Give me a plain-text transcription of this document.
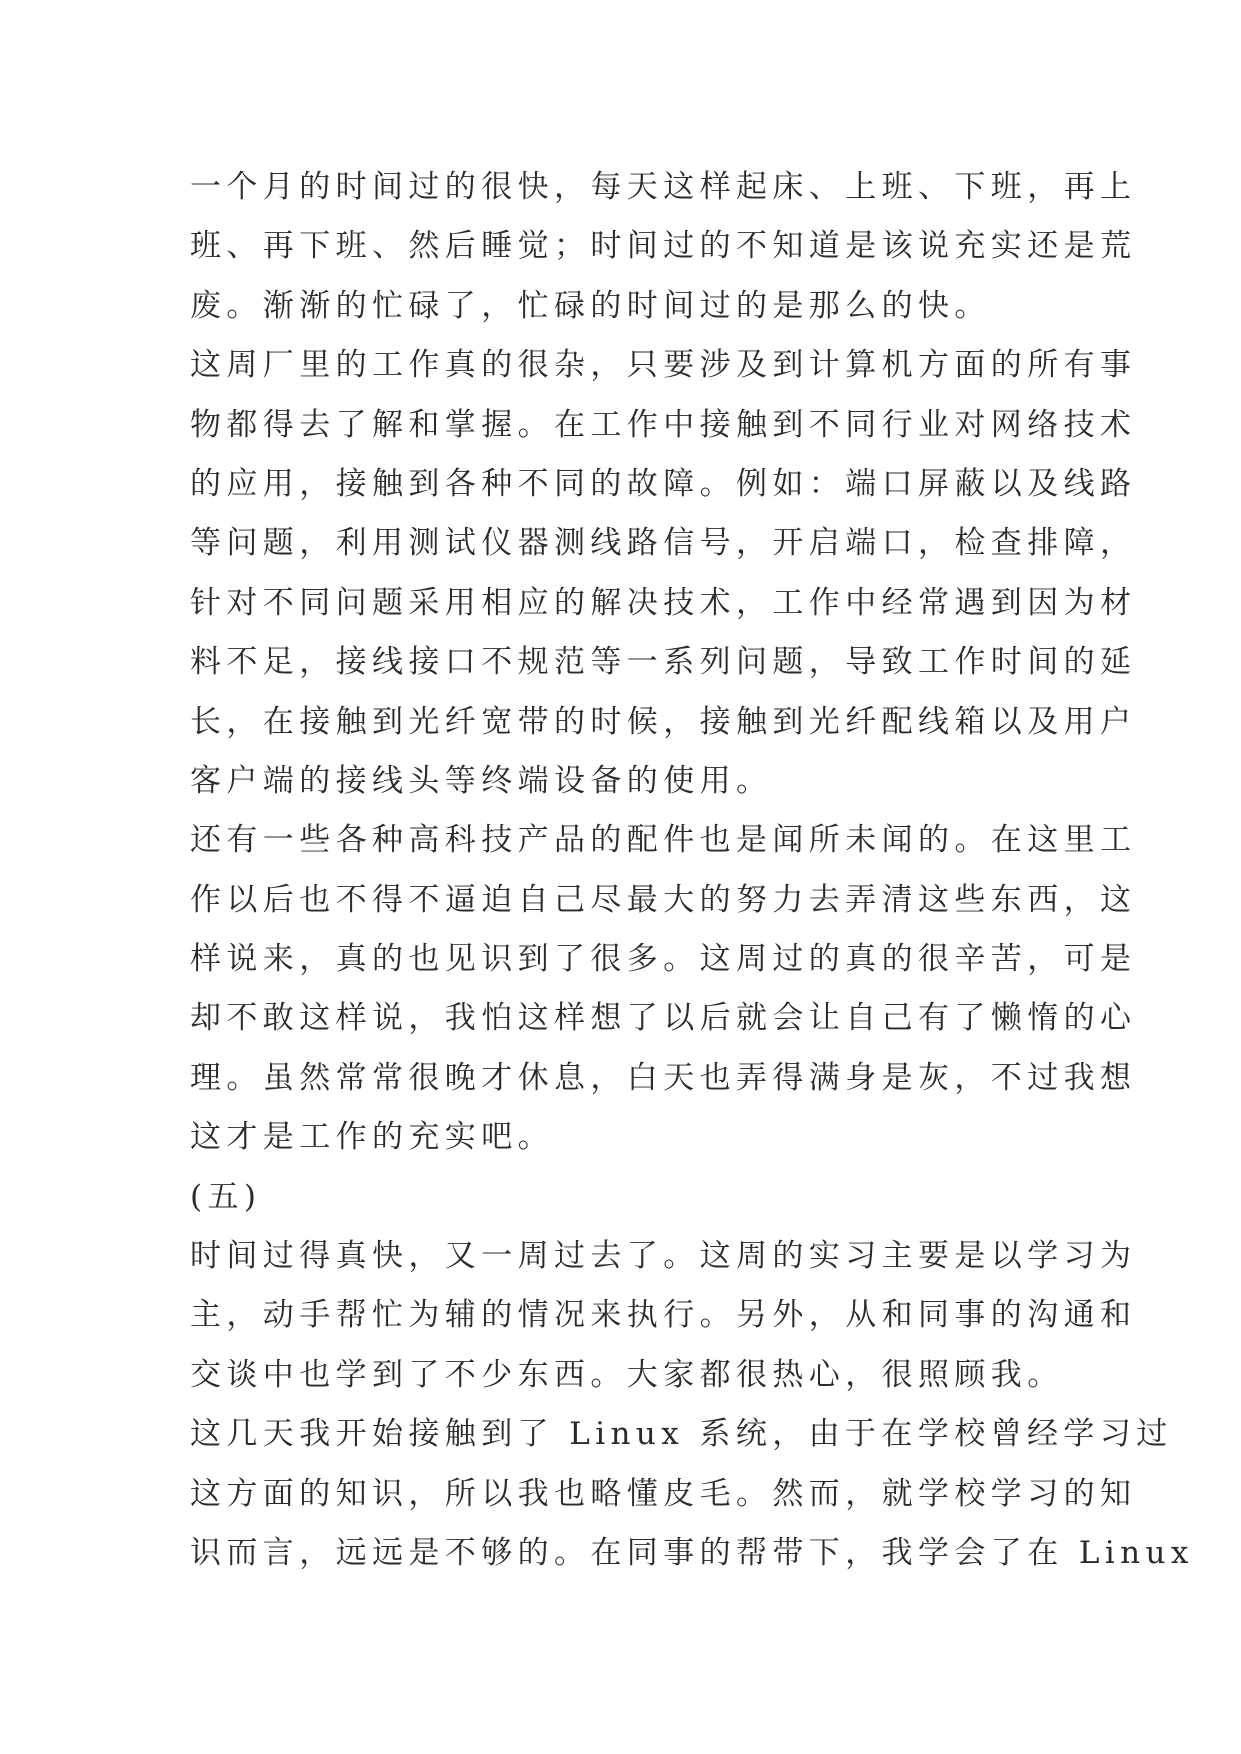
一个月的时间过的很快，每天这样起床、上班、下班，再上
班、再下班、然后睡觉；时间过的不知道是该说充实还是荒
废。渐渐的忙碌了，忙碌的时间过的是那么的快。
这周厂里的工作真的很杂，只要涉及到计算机方面的所有事
物都得去了解和掌握。在工作中接触到不同行业对网络技术
的应用，接触到各种不同的故障。例如：端口屏蔽以及线路
等问题，利用测试仪器测线路信号，开启端口，检查排障，
针对不同问题采用相应的解决技术，工作中经常遇到因为材
料不足，接线接口不规范等一系列问题，导致工作时间的延
长，在接触到光纤宽带的时候，接触到光纤配线箱以及用户
客户端的接线头等终端设备的使用。
还有一些各种高科技产品的配件也是闻所未闻的。在这里工
作以后也不得不逼迫自己尽最大的努力去弄清这些东西，这
样说来，真的也见识到了很多。这周过的真的很辛苦，可是
却不敢这样说，我怕这样想了以后就会让自己有了懒惰的心
理。虽然常常很晚才休息，白天也弄得满身是灰，不过我想
这才是工作的充实吧。
(五)
时间过得真快，又一周过去了。这周的实习主要是以学习为
主，动手帮忙为辅的情况来执行。另外，从和同事的沟通和
交谈中也学到了不少东西。大家都很热心，很照顾我。
这几天我开始接触到了 Linux 系统，由于在学校曾经学习过
这方面的知识，所以我也略懂皮毛。然而，就学校学习的知
识而言，远远是不够的。在同事的帮带下，我学会了在 Linux
